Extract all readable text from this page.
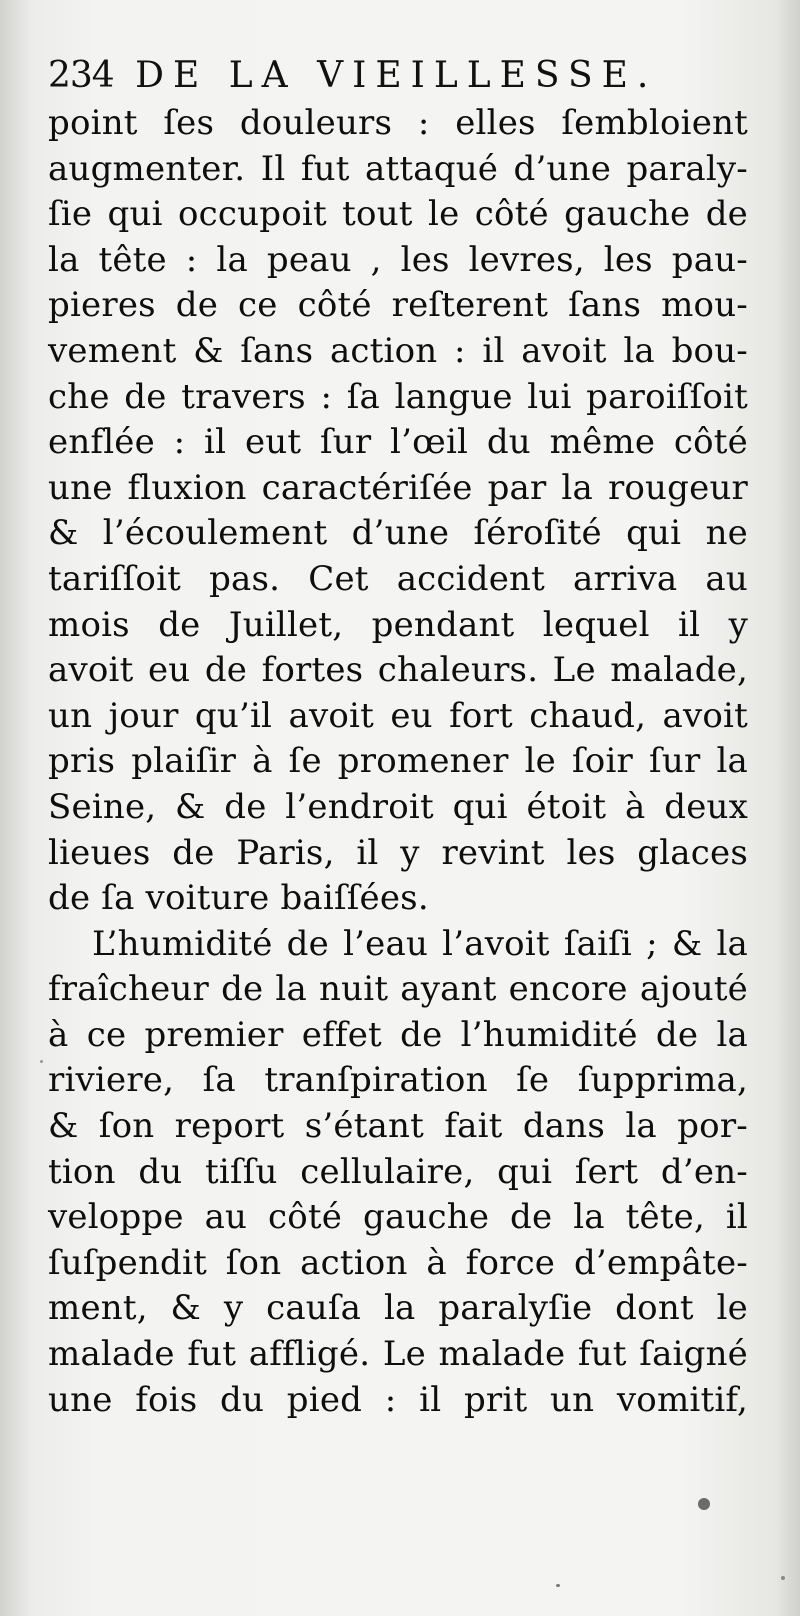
234 DE LA VIEILLESSE.
point ſes douleurs : elles ſembloient
augmenter. Il fut attaqué d’une paraly-
ſie qui occupoit tout le côté gauche de
la tête : la peau , les levres, les pau-
pieres de ce côté reſterent ſans mou-
vement & ſans action : il avoit la bou-
che de travers : ſa langue lui paroiſſoit
enflée : il eut ſur l’œil du même côté
une fluxion caractériſée par la rougeur
& l’écoulement d’une ſéroſité qui ne
tariſſoit pas. Cet accident arriva au
mois de Juillet, pendant lequel il y
avoit eu de fortes chaleurs. Le malade,
un jour qu’il avoit eu fort chaud, avoit
pris plaiſir à ſe promener le ſoir ſur la
Seine, & de l’endroit qui étoit à deux
lieues de Paris, il y revint les glaces
de ſa voiture baiſſées.
L’humidité de l’eau l’avoit ſaiſi ; & la
fraîcheur de la nuit ayant encore ajouté
à ce premier effet de l’humidité de la
riviere, ſa tranſpiration ſe ſupprima,
& ſon report s’étant fait dans la por-
tion du tiſſu cellulaire, qui ſert d’en-
veloppe au côté gauche de la tête, il
ſuſpendit ſon action à force d’empâte-
ment, & y cauſa la paralyſie dont le
malade fut affligé. Le malade fut ſaigné
une fois du pied : il prit un vomitif,
